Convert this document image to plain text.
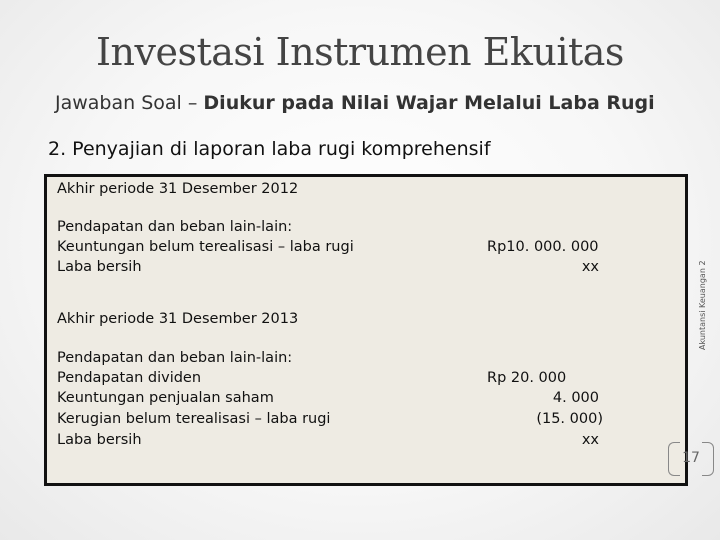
Investasi Instrumen Ekuitas
Jawaban Soal – Diukur pada Nilai Wajar Melalui Laba Rugi
2. Penyajian di laporan laba rugi komprehensif
Akhir periode 31 Desember 2012
Pendapatan dan beban lain-lain:
Keuntungan belum terealisasi – laba rugi	Rp10. 000. 000
Laba bersih	xx
Akhir periode 31 Desember 2013
Pendapatan dan beban lain-lain:
Pendapatan dividen	Rp 20. 000
Keuntungan penjualan saham	4. 000
Kerugian belum terealisasi – laba rugi	(15. 000)
Laba bersih	xx
Akuntansi Keuangan 2
17
